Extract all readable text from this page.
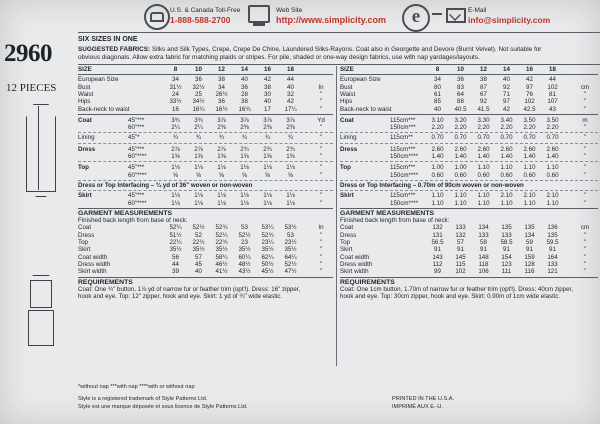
U.S. & Canada Toll-Free
1-888-588-2700
Web Site
http://www.simplicity.com	e	E-Mail
info@simplicity.com
2960
12 PIECES
SIX SIZES IN ONE
SUGGESTED FABRICS: Silks and Silk Types, Crepe, Crepe De Chine, Laundered Silks-Rayons. Coat also in Georgette and Devore (Burnt Velvet). Not suitable for
obvious diagonals. Allow extra fabric for matching plaids or stripes. For pile, shaded or one-way design fabrics, use with nap yardages/layouts.
SIZE	8	10	12	14	16	18
European Size	34	36	38	40	42	44
Bust	31½	32½	34	36	38	40	In
Waist	24	25	26½	28	30	32	"
Hips	33½	34½	36	38	40	42	"
Back-neck to waist	16	16¼	16½	16¾	17	17¼	"
Coat	45"***	3¾	3¾	3⅞	3⅞	3⅞	3⅞	Yd
60"***	2¼	2¼	2⅜	2⅜	2⅜	2⅜	"
Lining	45"*	¾	¾	¾	¾	¾	¾	"
Dress	45"***	2⅞	2⅞	2⅞	2¾	2¾	2¾	"
60"****	1⅝	1⅝	1⅝	1⅝	1⅝	1⅝	"
Top	45"***	1⅛	1⅛	1⅛	1⅛	1⅛	1⅛	"
60"****	⅝	⅝	⅝	⅝	⅝	⅝	"
Dress or Top Interfacing – ¾ yd of 36" woven or non-woven
Skirt	45"***	1⅛	1⅛	1⅛	1⅛	1⅛	1⅛	"
60"****	1⅛	1⅛	1⅛	1⅛	1⅛	1⅛	"
GARMENT MEASUREMENTS
Finished back length from base of neck:
Coat	52¼	52½	52¾	53	53¼	53½	In
Dress	51½	52	52¼	52½	52¾	53	"
Top	22¼	22½	22¾	23	23¼	23½	"
Skirt	35½	35½	35½	35½	35½	35½	"
Coat width	56	57	58¼	60¼	62¼	64¼	"
Dress width	44	45	46½	48½	50½	52½	"
Skirt width	39	40	41½	43½	45½	47½	"
REQUIREMENTS
Coat: One ¾" button, 1⅞ yd of narrow fur or feather trim (opt'l). Dress: 16" zipper,
hook and eye. Top: 12" zipper, hook and eye. Skirt: 1 yd of ¾" wide elastic.
SIZE	8	10	12	14	16	18
European Size	34	36	38	40	42	44
Bust	80	83	87	92	97	102	cm
Waist	61	64	67	71	76	81	"
Hips	85	88	92	97	102	107	"
Back-neck to waist	40	40.5	41.5	42	42.5	43	"
Coat	115cm***	3.10	3.20	3.30	3.40	3.50	3.50	m
150cm***	2.20	2.20	2.20	2.20	2.20	2.20	"
Lining	115cm**	0.70	0.70	0.70	0.70	0.70	0.70	"
Dress	115cm***	2.60	2.60	2.60	2.60	2.60	2.60	"
150cm****	1.40	1.40	1.40	1.40	1.40	1.40	"
Top	115cm***	1.00	1.00	1.10	1.10	1.10	1.10	"
150cm****	0.60	0.60	0.60	0.60	0.60	0.60	"
Dress or Top Interfacing – 0.70m of 90cm woven or non-woven
Skirt	115cm***	1.10	1.10	1.10	2.10	2.10	2.10	"
150cm****	1.10	1.10	1.10	1.10	1.10	1.10	"
GARMENT MEASUREMENTS
Finished back length from base of neck:
Coat	132	133	134	135	135	136	cm
Dress	131	132	133	133	134	135	"
Top	56.5	57	58	58.5	59	59.5	"
Skirt	91	91	91	91	91	91	"
Coat width	143	145	148	154	159	164	"
Dress width	112	115	118	123	128	133	"
Skirt width	99	102	106	111	116	121	"
REQUIREMENTS
Coat: One 1cm button, 1.70m of narrow fur or feather trim (opt'l). Dress: 40cm zipper,
hook and eye. Top: 30cm zipper, hook and eye. Skirt: 0.90m of 1cm wide elastic.
*without nap ***with nap ****with or without nap
Style is a registered trademark of Style Patterns Ltd.
Style est une marque déposée et sous licence de Style Patterns Ltd.
PRINTED IN THE U.S.A.
IMPRIMÉ AUX E.-U.
